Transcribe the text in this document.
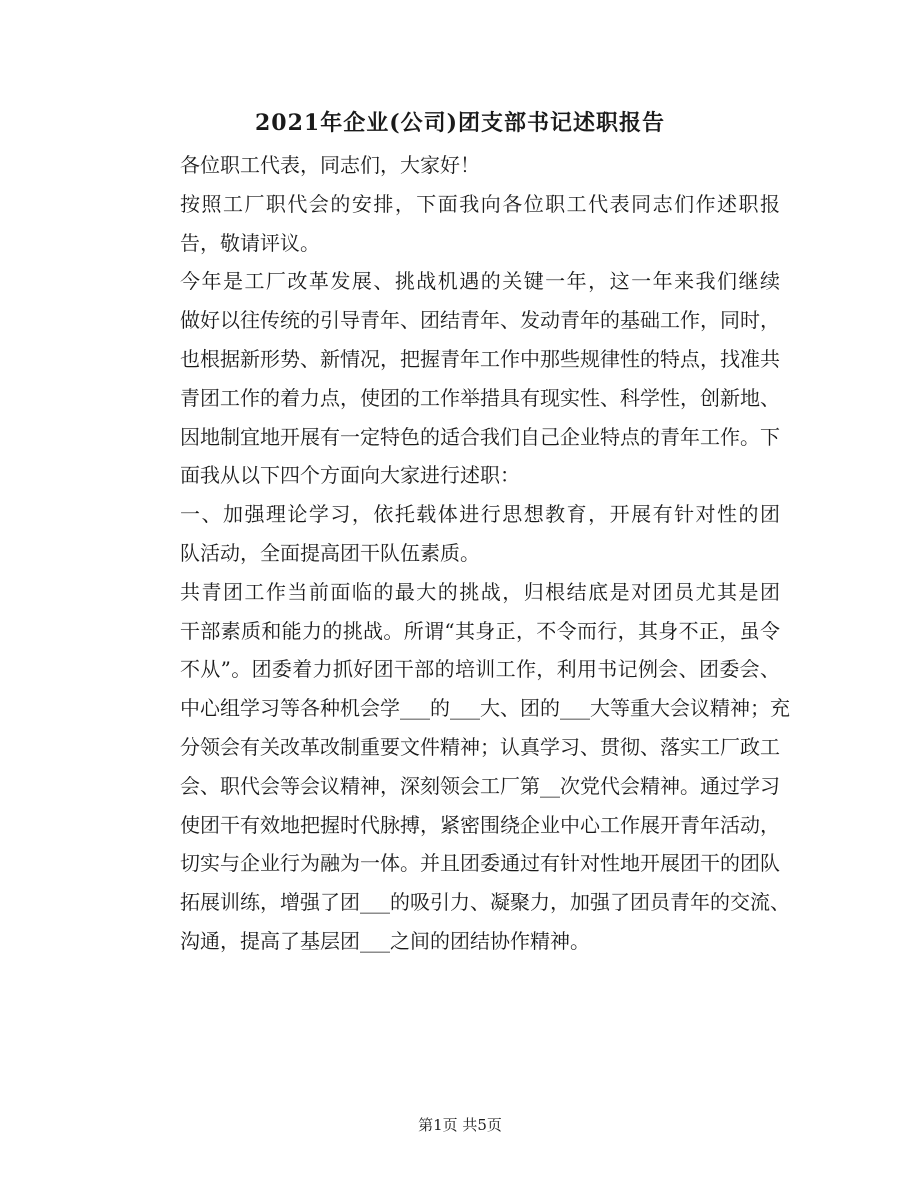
2021年企业(公司)团支部书记述职报告

各位职工代表，同志们，大家好！

按照工厂职代会的安排，下面我向各位职工代表同志们作述职报
告，敬请评议。

今年是工厂改革发展、挑战机遇的关键一年，这一年来我们继续
做好以往传统的引导青年、团结青年、发动青年的基础工作，同时，
也根据新形势、新情况，把握青年工作中那些规律性的特点，找准共
青团工作的着力点，使团的工作举措具有现实性、科学性，创新地、
因地制宜地开展有一定特色的适合我们自己企业特点的青年工作。下
面我从以下四个方面向大家进行述职：

一、加强理论学习，依托载体进行思想教育，开展有针对性的团
队活动，全面提高团干队伍素质。

共青团工作当前面临的最大的挑战，归根结底是对团员尤其是团
干部素质和能力的挑战。所谓“其身正，不令而行，其身不正，虽令
不从”。团委着力抓好团干部的培训工作，利用书记例会、团委会、
中心组学习等各种机会学___的___大、团的___大等重大会议精神；充
分领会有关改革改制重要文件精神；认真学习、贯彻、落实工厂政工
会、职代会等会议精神，深刻领会工厂第__次党代会精神。通过学习
使团干有效地把握时代脉搏，紧密围绕企业中心工作展开青年活动，
切实与企业行为融为一体。并且团委通过有针对性地开展团干的团队
拓展训练，增强了团___的吸引力、凝聚力，加强了团员青年的交流、
沟通，提高了基层团___之间的团结协作精神。

第1页 共5页
